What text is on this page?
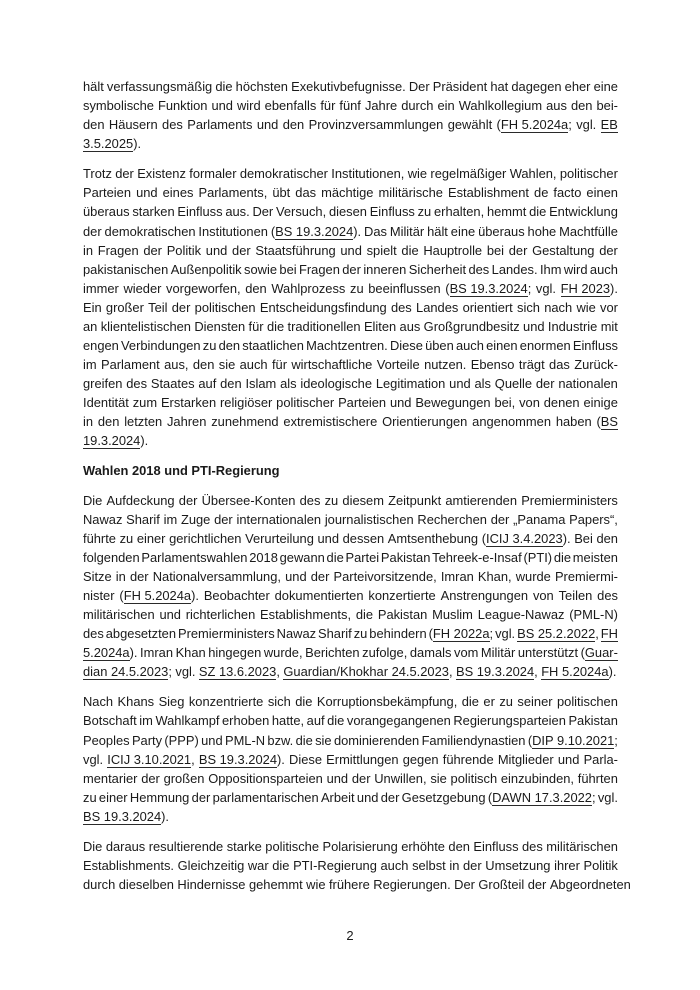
hält verfassungsmäßig die höchsten Exekutivbefugnisse. Der Präsident hat dagegen eher eine
symbolische Funktion und wird ebenfalls für fünf Jahre durch ein Wahlkollegium aus den bei-
den Häusern des Parlaments und den Provinzversammlungen gewählt (FH 5.2024a; vgl. EB
3.5.2025).
Trotz der Existenz formaler demokratischer Institutionen, wie regelmäßiger Wahlen, politischer
Parteien und eines Parlaments, übt das mächtige militärische Establishment de facto einen
überaus starken Einfluss aus. Der Versuch, diesen Einfluss zu erhalten, hemmt die Entwicklung
der demokratischen Institutionen (BS 19.3.2024). Das Militär hält eine überaus hohe Machtfülle
in Fragen der Politik und der Staatsführung und spielt die Hauptrolle bei der Gestaltung der
pakistanischen Außenpolitik sowie bei Fragen der inneren Sicherheit des Landes. Ihm wird auch
immer wieder vorgeworfen, den Wahlprozess zu beeinflussen (BS 19.3.2024; vgl. FH 2023).
Ein großer Teil der politischen Entscheidungsfindung des Landes orientiert sich nach wie vor
an klientelistischen Diensten für die traditionellen Eliten aus Großgrundbesitz und Industrie mit
engen Verbindungen zu den staatlichen Machtzentren. Diese üben auch einen enormen Einfluss
im Parlament aus, den sie auch für wirtschaftliche Vorteile nutzen. Ebenso trägt das Zurück-
greifen des Staates auf den Islam als ideologische Legitimation und als Quelle der nationalen
Identität zum Erstarken religiöser politischer Parteien und Bewegungen bei, von denen einige
in den letzten Jahren zunehmend extremistischere Orientierungen angenommen haben (BS
19.3.2024).
Wahlen 2018 und PTI-Regierung
Die Aufdeckung der Übersee-Konten des zu diesem Zeitpunkt amtierenden Premierministers
Nawaz Sharif im Zuge der internationalen journalistischen Recherchen der „Panama Papers“,
führte zu einer gerichtlichen Verurteilung und dessen Amtsenthebung (ICIJ 3.4.2023). Bei den
folgenden Parlamentswahlen 2018 gewann die Partei Pakistan Tehreek-e-Insaf (PTI) die meisten
Sitze in der Nationalversammlung, und der Parteivorsitzende, Imran Khan, wurde Premiermi-
nister (FH 5.2024a). Beobachter dokumentierten konzertierte Anstrengungen von Teilen des
militärischen und richterlichen Establishments, die Pakistan Muslim League-Nawaz (PML-N)
des abgesetzten Premierministers Nawaz Sharif zu behindern (FH 2022a; vgl. BS 25.2.2022, FH
5.2024a). Imran Khan hingegen wurde, Berichten zufolge, damals vom Militär unterstützt (Guar-
dian 24.5.2023; vgl. SZ 13.6.2023, Guardian/Khokhar 24.5.2023, BS 19.3.2024, FH 5.2024a).
Nach Khans Sieg konzentrierte sich die Korruptionsbekämpfung, die er zu seiner politischen
Botschaft im Wahlkampf erhoben hatte, auf die vorangegangenen Regierungsparteien Pakistan
Peoples Party (PPP) und PML-N bzw. die sie dominierenden Familiendynastien (DIP 9.10.2021;
vgl. ICIJ 3.10.2021, BS 19.3.2024). Diese Ermittlungen gegen führende Mitglieder und Parla-
mentarier der großen Oppositionsparteien und der Unwillen, sie politisch einzubinden, führten
zu einer Hemmung der parlamentarischen Arbeit und der Gesetzgebung (DAWN 17.3.2022; vgl.
BS 19.3.2024).
Die daraus resultierende starke politische Polarisierung erhöhte den Einfluss des militärischen
Establishments. Gleichzeitig war die PTI-Regierung auch selbst in der Umsetzung ihrer Politik
durch dieselben Hindernisse gehemmt wie frühere Regierungen. Der Großteil der Abgeordneten
2
